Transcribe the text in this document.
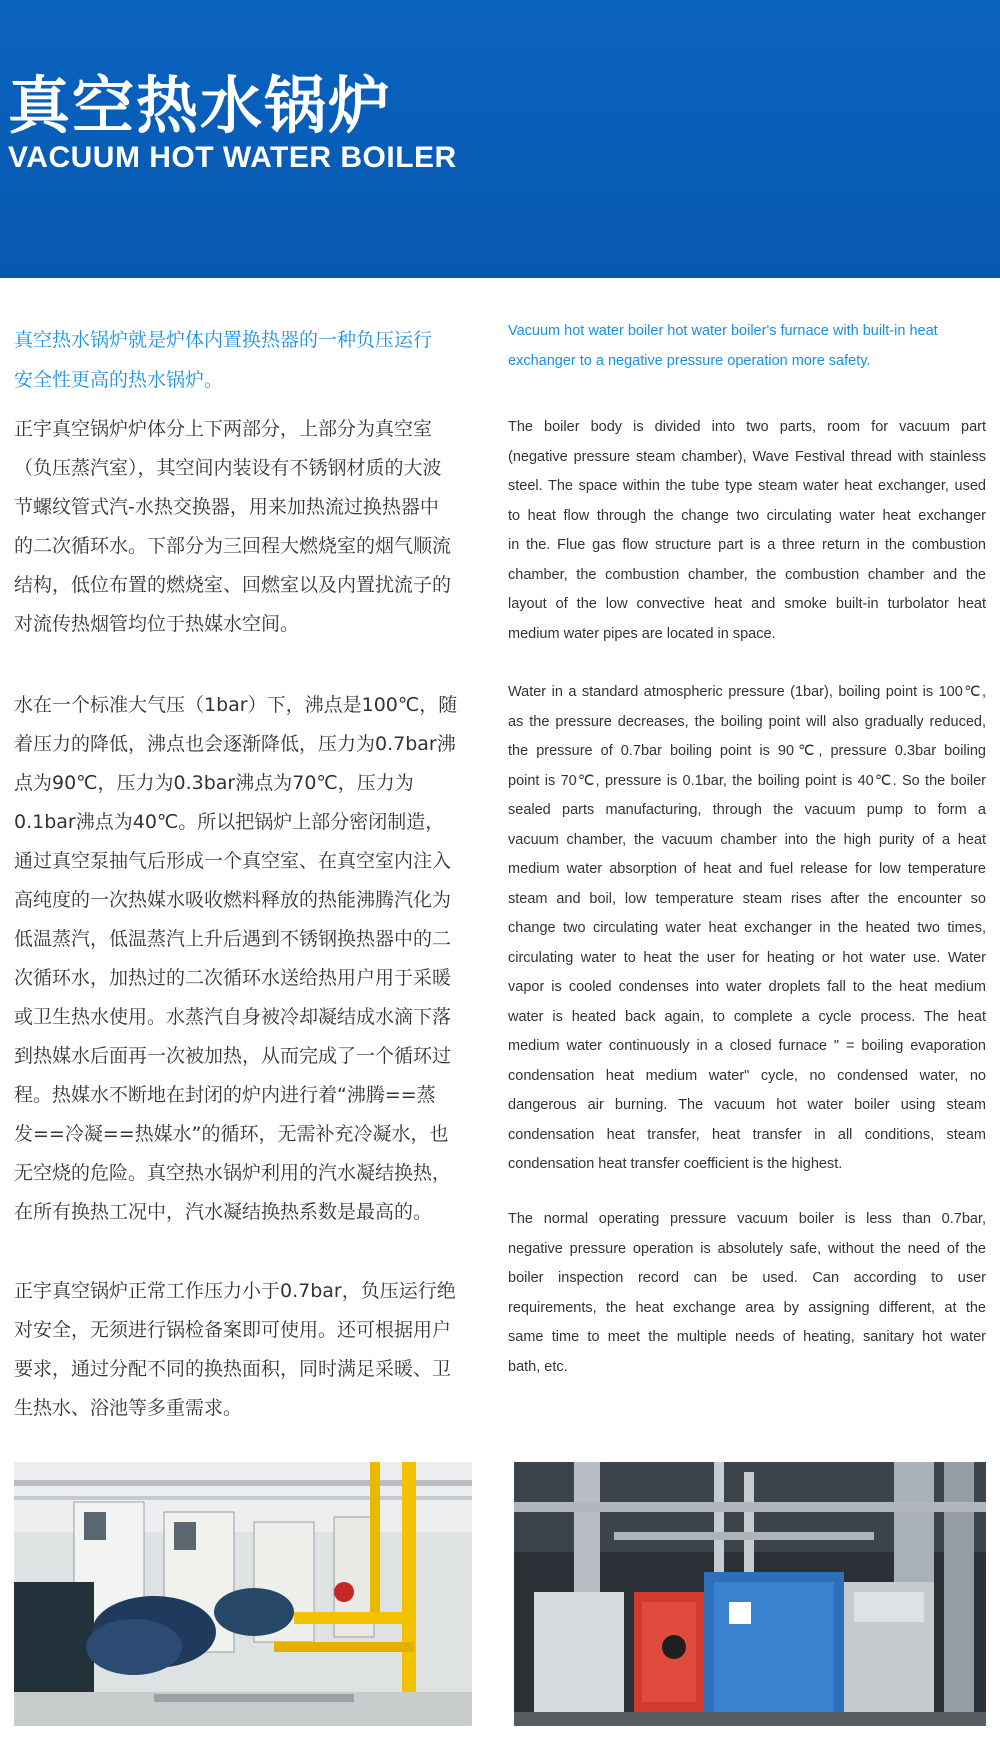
真空热水锅炉
VACUUM HOT WATER BOILER
真空热水锅炉就是炉体内置换热器的一种负压运行
安全性更高的热水锅炉。
Vacuum hot water boiler hot water boiler's furnace with built-in heat
exchanger to a negative pressure operation more safety.
正宇真空锅炉炉体分上下两部分，上部分为真空室
（负压蒸汽室），其空间内装设有不锈钢材质的大波
节螺纹管式汽-水热交换器，用来加热流过换热器中
的二次循环水。下部分为三回程大燃烧室的烟气顺流
结构，低位布置的燃烧室、回燃室以及内置扰流子的
对流传热烟管均位于热媒水空间。
The boiler body is divided into two parts, room for vacuum part
(negative pressure steam chamber), Wave Festival thread with stainless
steel. The space within the tube type steam water heat exchanger, used
to heat flow through the change two circulating water heat exchanger
in the. Flue gas flow structure part is a three return in the combustion
chamber, the combustion chamber, the combustion chamber and the
layout of the low convective heat and smoke built-in turbolator heat
medium water pipes are located in space.
水在一个标准大气压（1bar）下，沸点是100℃，随
着压力的降低，沸点也会逐渐降低，压力为0.7bar沸
点为90℃，压力为0.3bar沸点为70℃，压力为
0.1bar沸点为40℃。所以把锅炉上部分密闭制造，
通过真空泵抽气后形成一个真空室、在真空室内注入
高纯度的一次热媒水吸收燃料释放的热能沸腾汽化为
低温蒸汽，低温蒸汽上升后遇到不锈钢换热器中的二
次循环水，加热过的二次循环水送给热用户用于采暖
或卫生热水使用。水蒸汽自身被冷却凝结成水滴下落
到热媒水后面再一次被加热，从而完成了一个循环过
程。热媒水不断地在封闭的炉内进行着“沸腾==蒸
发==冷凝==热媒水”的循环，无需补充冷凝水，也
无空烧的危险。真空热水锅炉利用的汽水凝结换热，
在所有换热工况中，汽水凝结换热系数是最高的。
Water in a standard atmospheric pressure (1bar), boiling point is 100℃,
as the pressure decreases, the boiling point will also gradually reduced,
the pressure of 0.7bar boiling point is 90℃, pressure 0.3bar boiling
point is 70℃, pressure is 0.1bar, the boiling point is 40℃. So the boiler
sealed parts manufacturing, through the vacuum pump to form a
vacuum chamber, the vacuum chamber into the high purity of a heat
medium water absorption of heat and fuel release for low temperature
steam and boil, low temperature steam rises after the encounter so
change two circulating water heat exchanger in the heated two times,
circulating water to heat the user for heating or hot water use. Water
vapor is cooled condenses into water droplets fall to the heat medium
water is heated back again, to complete a cycle process. The heat
medium water continuously in a closed furnace " = boiling evaporation
condensation heat medium water" cycle, no condensed water, no
dangerous air burning. The vacuum hot water boiler using steam
condensation heat transfer, heat transfer in all conditions, steam
condensation heat transfer coefficient is the highest.
正宇真空锅炉正常工作压力小于0.7bar，负压运行绝
对安全，无须进行锅检备案即可使用。还可根据用户
要求，通过分配不同的换热面积，同时满足采暖、卫
生热水、浴池等多重需求。
The normal operating pressure vacuum boiler is less than 0.7bar,
negative pressure operation is absolutely safe, without the need of the
boiler inspection record can be used. Can according to user
requirements, the heat exchange area by assigning different, at the
same time to meet the multiple needs of heating, sanitary hot water
bath, etc.
